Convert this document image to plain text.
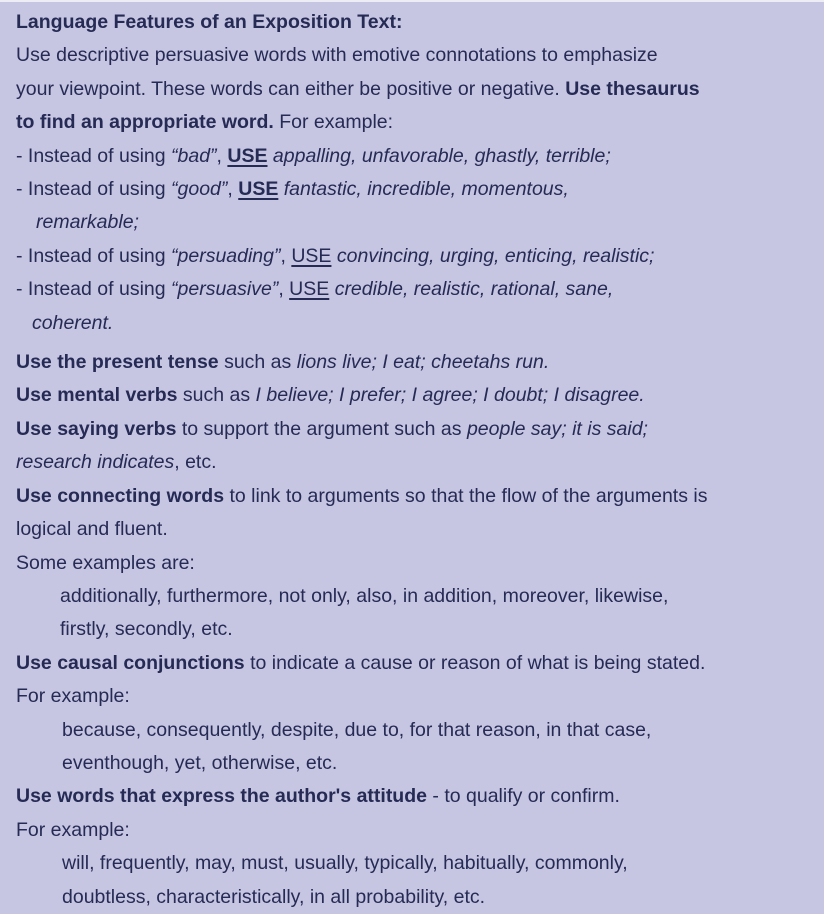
Language Features of an Exposition Text:
Use descriptive persuasive words with emotive connotations to emphasize
your viewpoint. These words can either be positive or negative. Use thesaurus
to find an appropriate word. For example:
- Instead of using “bad”, USE appalling, unfavorable, ghastly, terrible;
- Instead of using “good”, USE fantastic, incredible, momentous,
remarkable;
- Instead of using “persuading”, USE convincing, urging, enticing, realistic;
- Instead of using “persuasive”, USE credible, realistic, rational, sane,
coherent.
Use the present tense such as lions live; I eat; cheetahs run.
Use mental verbs such as I believe; I prefer; I agree; I doubt; I disagree.
Use saying verbs to support the argument such as people say; it is said;
research indicates, etc.
Use connecting words to link to arguments so that the flow of the arguments is
logical and fluent.
Some examples are:
additionally, furthermore, not only, also, in addition, moreover, likewise,
firstly, secondly, etc.
Use causal conjunctions to indicate a cause or reason of what is being stated.
For example:
because, consequently, despite, due to, for that reason, in that case,
eventhough, yet, otherwise, etc.
Use words that express the author's attitude - to qualify or confirm.
For example:
will, frequently, may, must, usually, typically, habitually, commonly,
doubtless, characteristically, in all probability, etc.
